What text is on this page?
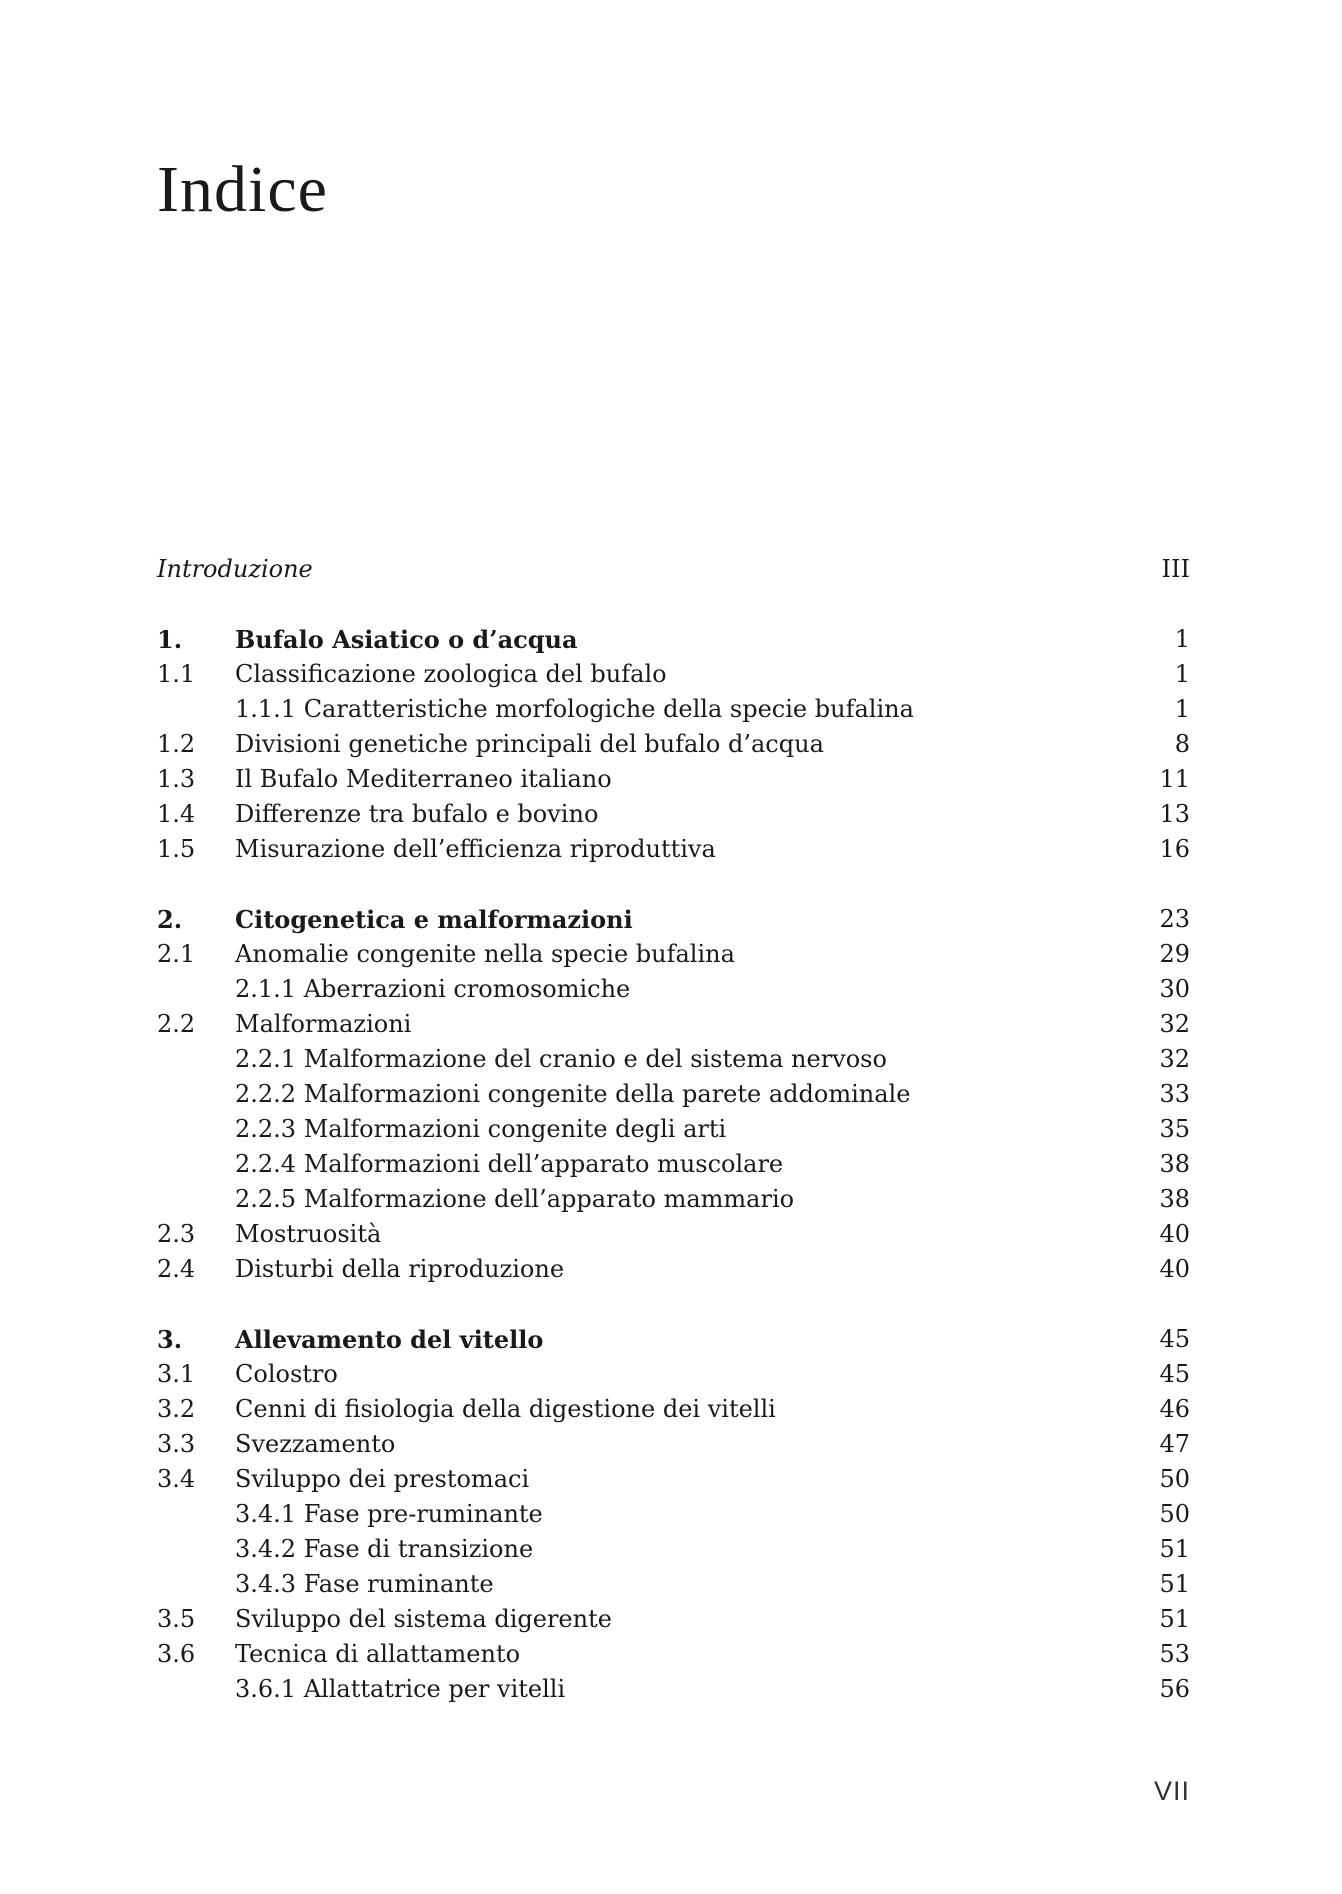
Indice
Introduzione	III
1. Bufalo Asiatico o d’acqua	1
1.1 Classificazione zoologica del bufalo	1
1.1.1 Caratteristiche morfologiche della specie bufalina	1
1.2 Divisioni genetiche principali del bufalo d’acqua	8
1.3 Il Bufalo Mediterraneo italiano	11
1.4 Differenze tra bufalo e bovino	13
1.5 Misurazione dell’efficienza riproduttiva	16
2. Citogenetica e malformazioni	23
2.1 Anomalie congenite nella specie bufalina	29
2.1.1 Aberrazioni cromosomiche	30
2.2 Malformazioni	32
2.2.1 Malformazione del cranio e del sistema nervoso	32
2.2.2 Malformazioni congenite della parete addominale	33
2.2.3 Malformazioni congenite degli arti	35
2.2.4 Malformazioni dell’apparato muscolare	38
2.2.5 Malformazione dell’apparato mammario	38
2.3 Mostruosità	40
2.4 Disturbi della riproduzione	40
3. Allevamento del vitello	45
3.1 Colostro	45
3.2 Cenni di fisiologia della digestione dei vitelli	46
3.3 Svezzamento	47
3.4 Sviluppo dei prestomaci	50
3.4.1 Fase pre-ruminante	50
3.4.2 Fase di transizione	51
3.4.3 Fase ruminante	51
3.5 Sviluppo del sistema digerente	51
3.6 Tecnica di allattamento	53
3.6.1 Allattatrice per vitelli	56
VII
